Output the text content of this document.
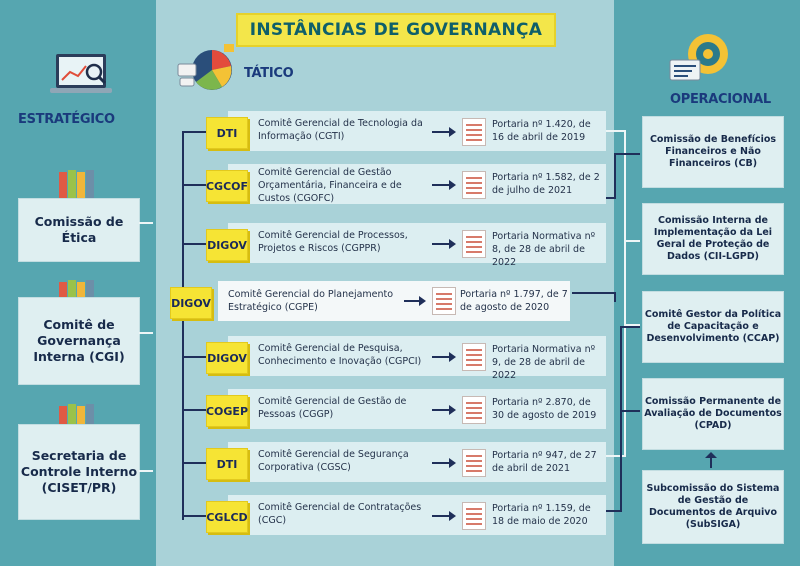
INSTÂNCIAS DE GOVERNANÇA
ESTRATÉGICO
TÁTICO
OPERACIONAL
Comissão de Ética
Comitê de Governança Interna (CGI)
Secretaria de Controle Interno (CISET/PR)
DIGOV
Comitê Gerencial do Planejamento Estratégico (CGPE)
Portaria nº 1.797, de 7 de agosto de 2020
DTI
Comitê Gerencial de Tecnologia da Informação (CGTI)
Portaria nº 1.420, de 16 de abril de 2019
CGCOF
Comitê Gerencial de Gestão Orçamentária, Financeira e de Custos (CGOFC)
Portaria nº 1.582, de 2 de julho de 2021
DIGOV
Comitê Gerencial de Processos, Projetos e Riscos (CGPPR)
Portaria Normativa nº 8, de 28 de abril de 2022
DIGOV
Comitê Gerencial de Pesquisa, Conhecimento e Inovação (CGPCI)
Portaria Normativa nº 9, de 28 de abril de 2022
COGEP
Comitê Gerencial de Gestão de Pessoas (CGGP)
Portaria nº 2.870, de 30 de agosto de 2019
DTI
Comitê Gerencial de Segurança Corporativa (CGSC)
Portaria nº 947, de 27 de abril de 2021
CGLCD
Comitê Gerencial de Contratações (CGC)
Portaria nº 1.159, de 18 de maio de 2020
Comissão de Benefícios Financeiros e Não Financeiros (CB)
Comissão Interna de Implementação da Lei Geral de Proteção de Dados (CII-LGPD)
Comitê Gestor da Política de Capacitação e Desenvolvimento (CCAP)
Comissão Permanente de Avaliação de Documentos (CPAD)
Subcomissão do Sistema de Gestão de Documentos de Arquivo (SubSIGA)
